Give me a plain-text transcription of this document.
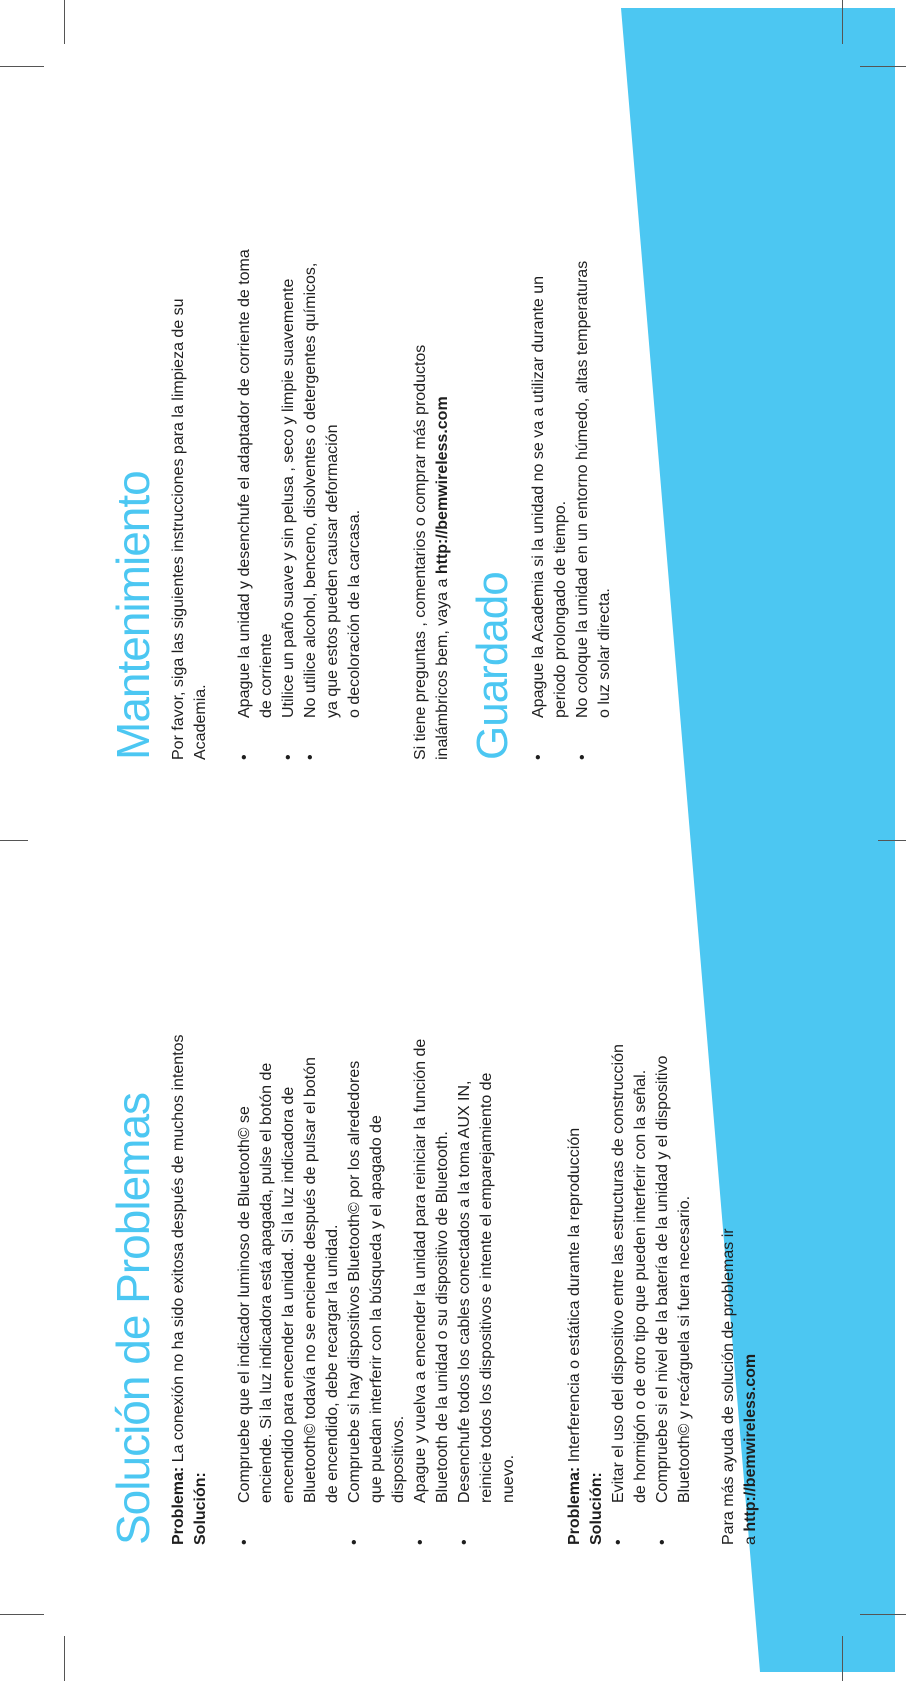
Solución de Problemas Problema: La conexión no ha sido exitosa después de muchos intentos
Solución:
• Compruebe que el indicador luminoso de Bluetooth© se
enciende. Si la luz indicadora está apagada, pulse el botón de
encendido para encender la unidad. Si la luz indicadora de
Bluetooth© todavía no se enciende después de pulsar el botón
de encendido, debe recargar la unidad.
• Compruebe si hay dispositivos Bluetooth© por los alrededores
que puedan interferir con la búsqueda y el apagado de
dispositivos. • Apague y vuelva a encender la unidad para reiniciar la función de
Bluetooth de la unidad o su dispositivo de Bluetooth.
• Desenchufe todos los cables conectados a la toma AUX IN,
reinicie todos los dispositivos e intente el emparejamiento de
nuevo.	Problema: Interferencia o estática durante la reproducción
Solución: • Evitar el uso del dispositivo entre las estructuras de construcción
de hormigón o de otro tipo que pueden interferir con la señal.
• Compruebe si el nivel de la batería de la unidad y el dispositivo
Bluetooth© y recárguela si fuera necesario.
Para más ayuda de solución de problemas ir
a http://bemwireless.com
Mantenimiento Por favor, siga las siguientes instrucciones para la limpieza de su
Academia. • Apague la unidad y desenchufe el adaptador de corriente de toma
de corriente • Utilice un paño suave y sin pelusa , seco y limpie suavemente • No utilice alcohol, benceno, disolventes o detergentes químicos,
ya que estos pueden causar deformación
o decoloración de la carcasa.
Si tiene preguntas , comentarios o comprar más productos
inalámbricos bem, vaya a http://bemwireless.com
Guardado • Apague la Academia si la unidad no se va a utilizar durante un
periodo prolongado de tiempo.
• No coloque la unidad en un entorno húmedo, altas temperaturas
o luz solar directa.
